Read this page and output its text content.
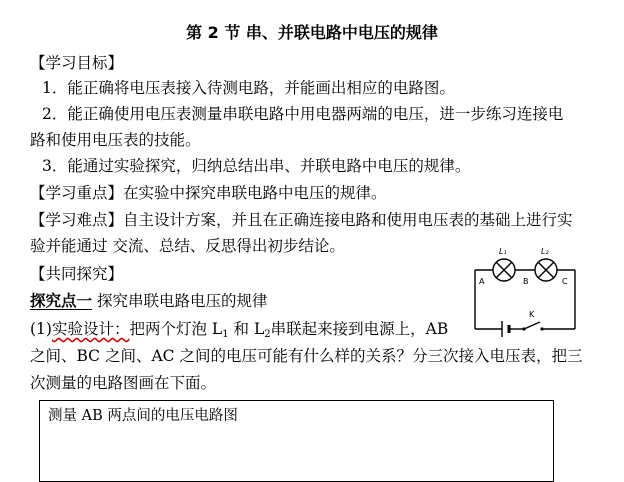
第 2 节 串、并联电路中电压的规律
【学习目标】
1．能正确将电压表接入待测电路，并能画出相应的电路图。
2．能正确使用电压表测量串联电路中用电器两端的电压，进一步练习连接电
路和使用电压表的技能。
3．能通过实验探究，归纳总结出串、并联电路中电压的规律。
【学习重点】在实验中探究串联电路中电压的规律。
【学习难点】自主设计方案，并且在正确连接电路和使用电压表的基础上进行实
验并能通过 交流、总结、反思得出初步结论。
【共同探究】
探究点一 探究串联电路电压的规律
(1)实验设计：把两个灯泡 $L_1$ 和 $L_2$串联起来接到电源上，AB
之间、BC 之间、AC 之间的电压可能有什么样的关系？分三次接入电压表，把三
次测量的电路图画在下面。
L₁	L₂
A	B	C
K
测量 AB 两点间的电压电路图
